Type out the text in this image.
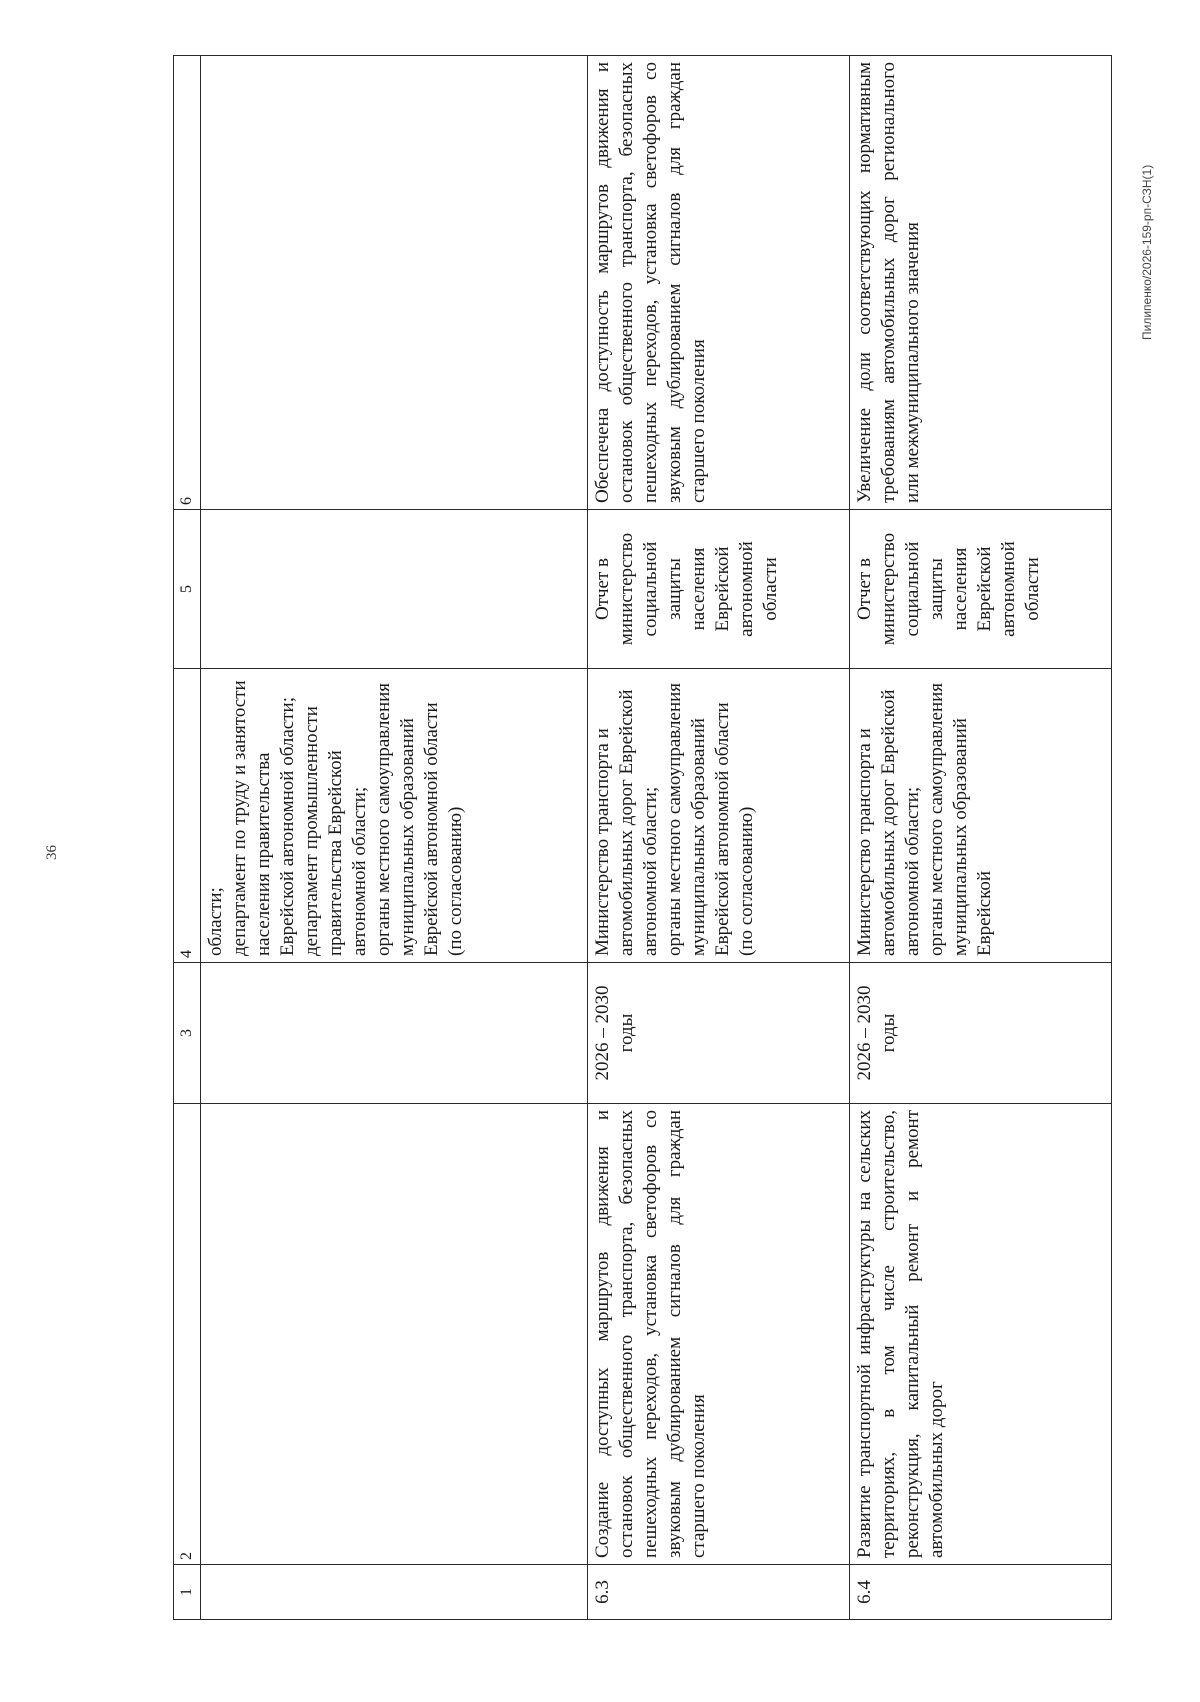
36
Пилипенко/2026-159-рп-СЗН(1)
1	2	3	4	5	6
			области;
департамент по труду и занятости населения правительства Еврейской автономной области;
департамент промышленности правительства Еврейской автономной области;
органы местного самоуправления муниципальных образований Еврейской автономной области
(по согласованию)		
6.3	Создание доступных маршрутов движения и остановок общественного транспорта, безопасных пешеходных переходов, установка светофоров со звуковым дублированием сигналов для граждан старшего поколения	2026 – 2030 годы	Министерство транспорта и автомобильных дорог Еврейской автономной области;
органы местного самоуправления муниципальных образований Еврейской автономной области
(по согласованию)	Отчет в министерство социальной защиты населения Еврейской автономной области	Обеспечена доступность маршрутов движения и остановок общественного транспорта, безопасных пешеходных переходов, установка светофоров со звуковым дублированием сигналов для граждан старшего поколения
6.4	Развитие транспортной инфраструктуры на сельских территориях, в том числе строительство, реконструкция, капитальный ремонт и ремонт автомобильных дорог	2026 – 2030 годы	Министерство транспорта и автомобильных дорог Еврейской автономной области;
органы местного самоуправления муниципальных образований Еврейской	Отчет в министерство социальной защиты населения Еврейской автономной области	Увеличение доли соответствующих нормативным требованиям автомобильных дорог регионального или межмуниципального значения
